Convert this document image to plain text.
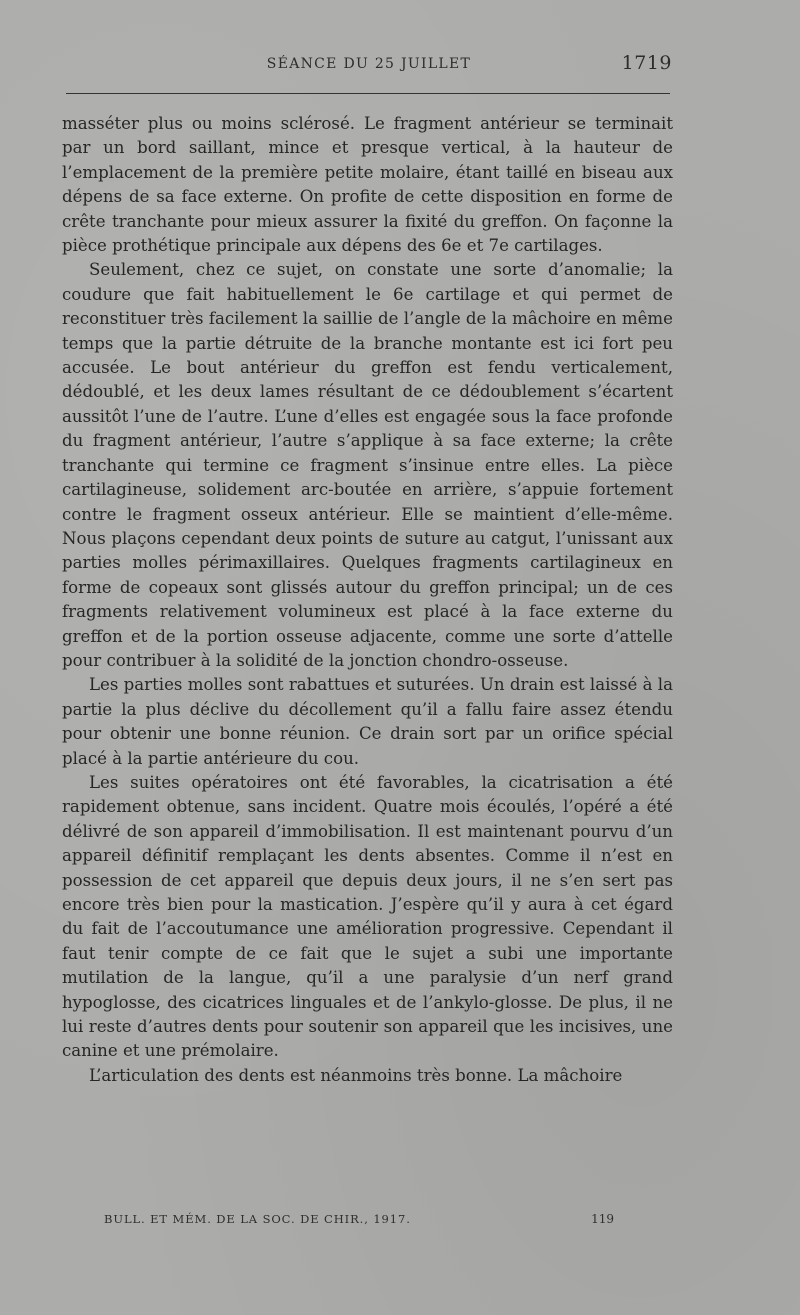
SÉANCE DU 25 JUILLET	1719

masséter plus ou moins sclérosé. Le fragment antérieur se terminait par un bord saillant, mince et presque vertical, à la hauteur de l’emplacement de la première petite molaire, étant taillé en biseau aux dépens de sa face externe. On profite de cette disposition en forme de crête tranchante pour mieux assurer la fixité du greffon. On façonne la pièce prothétique principale aux dépens des 6e et 7e cartilages.

Seulement, chez ce sujet, on constate une sorte d’anomalie; la coudure que fait habituellement le 6e cartilage et qui permet de reconstituer très facilement la saillie de l’angle de la mâchoire en même temps que la partie détruite de la branche montante est ici fort peu accusée. Le bout antérieur du greffon est fendu verticalement, dédoublé, et les deux lames résultant de ce dédoublement s’écartent aussitôt l’une de l’autre. L’une d’elles est engagée sous la face profonde du fragment antérieur, l’autre s’applique à sa face externe; la crête tranchante qui termine ce fragment s’insinue entre elles. La pièce cartilagineuse, solidement arc-boutée en arrière, s’appuie fortement contre le fragment osseux antérieur. Elle se maintient d’elle-même. Nous plaçons cependant deux points de suture au catgut, l’unissant aux parties molles périmaxillaires. Quelques fragments cartilagineux en forme de copeaux sont glissés autour du greffon principal; un de ces fragments relativement volumineux est placé à la face externe du greffon et de la portion osseuse adjacente, comme une sorte d’attelle pour contribuer à la solidité de la jonction chondro-osseuse.

Les parties molles sont rabattues et suturées. Un drain est laissé à la partie la plus déclive du décollement qu’il a fallu faire assez étendu pour obtenir une bonne réunion. Ce drain sort par un orifice spécial placé à la partie antérieure du cou.

Les suites opératoires ont été favorables, la cicatrisation a été rapidement obtenue, sans incident. Quatre mois écoulés, l’opéré a été délivré de son appareil d’immobilisation. Il est maintenant pourvu d’un appareil définitif remplaçant les dents absentes. Comme il n’est en possession de cet appareil que depuis deux jours, il ne s’en sert pas encore très bien pour la mastication. J’espère qu’il y aura à cet égard du fait de l’accoutumance une amélioration progressive. Cependant il faut tenir compte de ce fait que le sujet a subi une importante mutilation de la langue, qu’il a une paralysie d’un nerf grand hypoglosse, des cicatrices linguales et de l’ankylo-glosse. De plus, il ne lui reste d’autres dents pour soutenir son appareil que les incisives, une canine et une prémolaire.

L’articulation des dents est néanmoins très bonne. La mâchoire

BULL. ET MÉM. DE LA SOC. DE CHIR., 1917.	119
